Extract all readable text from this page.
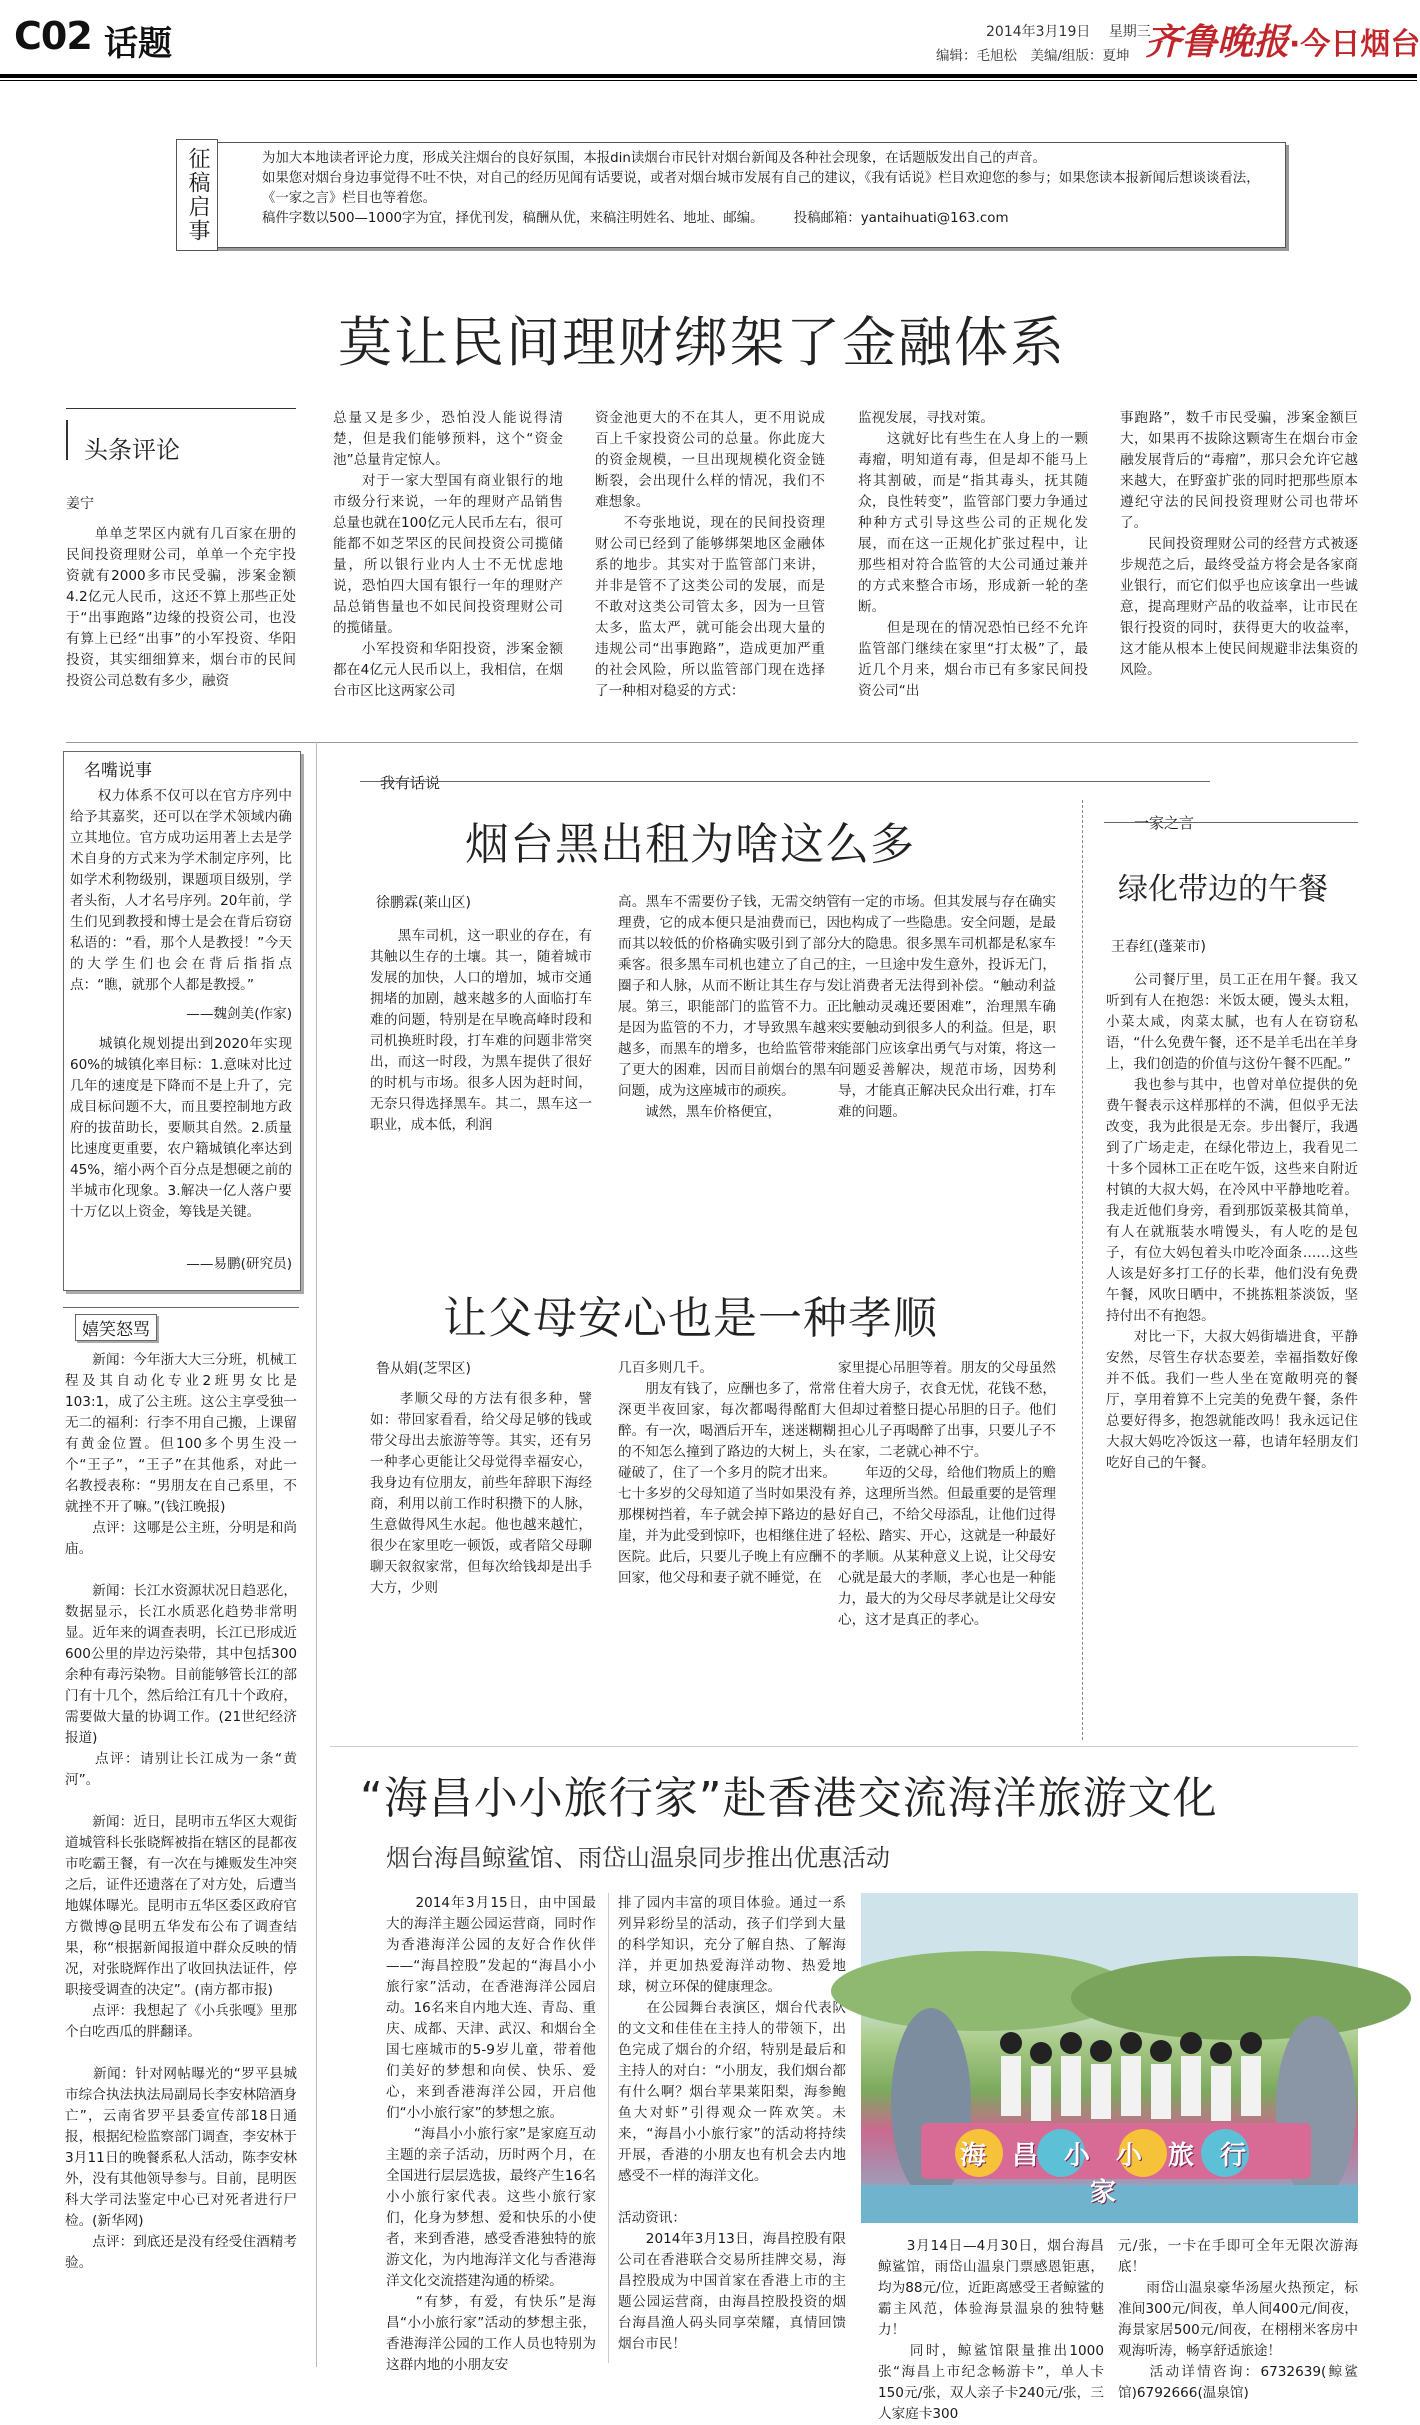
C02 话题	2014年3月19日 星期三
编辑：毛旭松　美编/组版：夏坤 齐鲁晚报·今日烟台
征稿启事	为加大本地读者评论力度，形成关注烟台的良好氛围，本报din读烟台市民针对烟台新闻及各种社会现象，在话题版发出自己的声音。
如果您对烟台身边事觉得不吐不快，对自己的经历见闻有话要说，或者对烟台城市发展有自己的建议，《我有话说》栏目欢迎您的参与；如果您读本报新闻后想谈谈看法，《一家之言》栏目也等着您。
稿件字数以500—1000字为宜，择优刊发，稿酬从优，来稿注明姓名、地址、邮编。 投稿邮箱：yantaihuati@163.com
莫让民间理财绑架了金融体系
头条评论
姜宁
　　单单芝罘区内就有几百家在册的民间投资理财公司，单单一个充宇投资就有2000多市民受骗，涉案金额4.2亿元人民币，这还不算上那些正处于“出事跑路”边缘的投资公司，也没有算上已经“出事”的小军投资、华阳投资，其实细细算来，烟台市的民间投资公司总数有多少，融资
总量又是多少，恐怕没人能说得清楚，但是我们能够预料，这个“资金池”总量肯定惊人。
　　对于一家大型国有商业银行的地市级分行来说，一年的理财产品销售总量也就在100亿元人民币左右，很可能都不如芝罘区的民间投资公司揽储量，所以银行业内人士不无忧虑地说，恐怕四大国有银行一年的理财产品总销售量也不如民间投资理财公司的揽储量。
　　小军投资和华阳投资，涉案金额都在4亿元人民币以上，我相信，在烟台市区比这两家公司
资金池更大的不在其人，更不用说成百上千家投资公司的总量。你此庞大的资金规模，一旦出现规模化资金链断裂，会出现什么样的情况，我们不难想象。
　　不夸张地说，现在的民间投资理财公司已经到了能够绑架地区金融体系的地步。其实对于监管部门来讲，并非是管不了这类公司的发展，而是不敢对这类公司管太多，因为一旦管太多，监太严，就可能会出现大量的违规公司“出事跑路”，造成更加严重的社会风险，所以监管部门现在选择了一种相对稳妥的方式：
监视发展，寻找对策。
　　这就好比有些生在人身上的一颗毒瘤，明知道有毒，但是却不能马上将其割破，而是“指其毒头，抚其随众，良性转变”，监管部门要力争通过种种方式引导这些公司的正规化发展，而在这一正规化扩张过程中，让那些相对符合监管的大公司通过兼并的方式来整合市场，形成新一轮的垄断。
　　但是现在的情况恐怕已经不允许监管部门继续在家里“打太极”了，最近几个月来，烟台市已有多家民间投资公司“出
事跑路”，数千市民受骗，涉案金额巨大，如果再不拔除这颗寄生在烟台市金融发展背后的“毒瘤”，那只会允许它越来越大，在野蛮扩张的同时把那些原本遵纪守法的民间投资理财公司也带坏了。
　　民间投资理财公司的经营方式被逐步规范之后，最终受益方将会是各家商业银行，而它们似乎也应该拿出一些诚意，提高理财产品的收益率，让市民在银行投资的同时，获得更大的收益率，这才能从根本上使民间规避非法集资的风险。
名嘴说事
　　权力体系不仅可以在官方序列中给予其嘉奖，还可以在学术领域内确立其地位。官方成功运用著上去是学术自身的方式来为学术制定序列，比如学术利物级别，课题项目级别，学者头衔，人才名号序列。20年前，学生们见到教授和博士是会在背后窃窃私语的：“看，那个人是教授！”今天的大学生们也会在背后指指点点：“瞧，就那个人都是教授。”
——魏剑美(作家)
　　城镇化规划提出到2020年实现60%的城镇化率目标：1.意味对比过几年的速度是下降而不是上升了，完成目标问题不大，而且要控制地方政府的拔苗助长，要顺其自然。2.质量比速度更重要，农户籍城镇化率达到45%，缩小两个百分点是想硬之前的半城市化现象。3.解决一亿人落户要十万亿以上资金，筹钱是关键。
——易鹏(研究员)
嬉笑怒骂
　　新闻：今年浙大大三分班，机械工程及其自动化专业2班男女比是103:1，成了公主班。这公主享受独一无二的福利：行李不用自己搬，上课留有黄金位置。但100多个男生没一个“王子”，“王子”在其他系，对此一名教授表称：“男朋友在自己系里，不就挫不开了嘛。”(钱江晚报)
　　点评：这哪是公主班，分明是和尚庙。

　　新闻：长江水资源状况日趋恶化，数据显示，长江水质恶化趋势非常明显。近年来的调查表明，长江已形成近600公里的岸边污染带，其中包括300余种有毒污染物。目前能够管长江的部门有十几个，然后给江有几十个政府，需要做大量的协调工作。(21世纪经济报道)
　　点评：请别让长江成为一条“黄河”。

　　新闻：近日，昆明市五华区大观街道城管科长张晓辉被指在辖区的昆都夜市吃霸王餐，有一次在与摊贩发生冲突之后，证件还遗落在了对方处，后遭当地媒体曝光。昆明市五华区委区政府官方微博@昆明五华发布公布了调查结果，称“根据新闻报道中群众反映的情况，对张晓辉作出了收回执法证件，停职接受调查的决定”。(南方都市报)
　　点评：我想起了《小兵张嘎》里那个白吃西瓜的胖翻译。

　　新闻：针对网帖曝光的“罗平县城市综合执法执法局副局长李安林陪酒身亡”，云南省罗平县委宣传部18日通报，根据纪检监察部门调查，李安林于3月11日的晚餐系私人活动，陈李安林外，没有其他领导参与。目前，昆明医科大学司法鉴定中心已对死者进行尸检。(新华网)
　　点评：到底还是没有经受住酒精考验。
我有话说
烟台黑出租为啥这么多
徐鹏霖(莱山区)
　　黑车司机，这一职业的存在，有其触以生存的土壤。其一，随着城市发展的加快，人口的增加，城市交通拥堵的加剧，越来越多的人面临打车难的问题，特别是在早晚高峰时段和司机换班时段，打车难的问题非常突出，而这一时段，为黑车提供了很好的时机与市场。很多人因为赶时间，无奈只得选择黑车。其二，黑车这一职业，成本低，利润
高。黑车不需要份子钱，无需交纳管理费，它的成本便只是油费而已，因而其以较低的价格确实吸引到了部分乘客。很多黑车司机也建立了自己的圈子和人脉，从而不断让其生存与发展。第三，职能部门的监管不力。正是因为监管的不力，才导致黑车越来越多，而黑车的增多，也给监管带来了更大的困难，因而目前烟台的黑车问题，成为这座城市的顽疾。
　　诚然，黑车价格便宜，
有一定的市场。但其发展与存在确实也构成了一些隐患。安全问题，是最大的隐患。很多黑车司机都是私家车主，一旦途中发生意外，投诉无门，让消费者无法得到补偿。“触动利益比触动灵魂还要困难”，治理黑车确实要触动到很多人的利益。但是，职能部门应该拿出勇气与对策，将这一问题妥善解决，规范市场，因势利导，才能真正解决民众出行难，打车难的问题。
让父母安心也是一种孝顺
鲁从娟(芝罘区)
　　孝顺父母的方法有很多种，譬如：带回家看看，给父母足够的钱或带父母出去旅游等等。其实，还有另一种孝心更能让父母觉得幸福安心，我身边有位朋友，前些年辞职下海经商，利用以前工作时积攒下的人脉，生意做得风生水起。他也越来越忙，很少在家里吃一顿饭，或者陪父母聊聊天叙叙家常，但每次给钱却是出手大方，少则
几百多则几千。
　　朋友有钱了，应酬也多了，常常深更半夜回家，每次都喝得酩酊大醉。有一次，喝酒后开车，迷迷糊糊的不知怎么撞到了路边的大树上，头碰破了，住了一个多月的院才出来。七十多岁的父母知道了当时如果没有那棵树挡着，车子就会掉下路边的悬崖，并为此受到惊吓，也相继住进了医院。此后，只要儿子晚上有应酬不回家，他父母和妻子就不睡觉，在
家里提心吊胆等着。朋友的父母虽然住着大房子，衣食无忧，花钱不愁，但却过着整日提心吊胆的日子。他们担心儿子再喝醉了出事，只要儿子不在家，二老就心神不宁。
　　年迈的父母，给他们物质上的赡养，这理所当然。但最重要的是管理好自己，不给父母添乱，让他们过得轻松、踏实、开心，这就是一种最好的孝顺。从某种意义上说，让父母安心就是最大的孝顺，孝心也是一种能力，最大的为父母尽孝就是让父母安心，这才是真正的孝心。
一家之言
绿化带边的午餐
王春红(蓬莱市)
　　公司餐厅里，员工正在用午餐。我又听到有人在抱怨：米饭太硬，馒头太粗，小菜太咸，肉菜太腻，也有人在窃窃私语，“什么免费午餐，还不是羊毛出在羊身上，我们创造的价值与这份午餐不匹配。”
　　我也参与其中，也曾对单位提供的免费午餐表示这样那样的不满，但似乎无法改变，我为此很是无奈。步出餐厅，我遇到了广场走走，在绿化带边上，我看见二十多个园林工正在吃午饭，这些来自附近村镇的大叔大妈，在冷风中平静地吃着。我走近他们身旁，看到那饭菜极其简单，有人在就瓶装水啃馒头，有人吃的是包子，有位大妈包着头巾吃冷面条……这些人该是好多打工仔的长辈，他们没有免费午餐，风吹日晒中，不挑拣粗茶淡饭，坚持付出不有抱怨。
　　对比一下，大叔大妈街墙进食，平静安然，尽管生存状态要差，幸福指数好像并不低。我们一些人坐在宽敞明亮的餐厅，享用着算不上完美的免费午餐，条件总要好得多，抱怨就能改吗！我永远记住大叔大妈吃冷饭这一幕，也请年轻朋友们吃好自己的午餐。
“海昌小小旅行家”赴香港交流海洋旅游文化
烟台海昌鲸鲨馆、雨岱山温泉同步推出优惠活动
　　2014年3月15日，由中国最大的海洋主题公园运营商，同时作为香港海洋公园的友好合作伙伴——“海昌控股”发起的“海昌小小旅行家”活动，在香港海洋公园启动。16名来自内地大连、青岛、重庆、成都、天津、武汉、和烟台全国七座城市的5-9岁儿童，带着他们美好的梦想和向侯、快乐、爱心，来到香港海洋公园，开启他们“小小旅行家”的梦想之旅。
　　“海昌小小旅行家”是家庭互动主题的亲子活动，历时两个月，在全国进行层层选拔，最终产生16名小小旅行家代表。这些小旅行家们，化身为梦想、爱和快乐的小使者，来到香港，感受香港独特的旅游文化，为内地海洋文化与香港海洋文化交流搭建沟通的桥梁。
　　“有梦，有爱，有快乐”是海昌“小小旅行家”活动的梦想主张，香港海洋公园的工作人员也特别为这群内地的小朋友安
排了园内丰富的项目体验。通过一系列异彩纷呈的活动，孩子们学到大量的科学知识，充分了解自热、了解海洋，并更加热爱海洋动物、热爱地球，树立环保的健康理念。
　　在公园舞台表演区，烟台代表队的文文和佳佳在主持人的带领下，出色完成了烟台的介绍，特别是最后和主持人的对白：“小朋友，我们烟台都有什么啊？烟台苹果莱阳梨，海参鲍鱼大对虾”引得观众一阵欢笑。未来，“海昌小小旅行家”的活动将持续开展，香港的小朋友也有机会去内地感受不一样的海洋文化。

活动资讯：
　　2014年3月13日，海昌控股有限公司在香港联合交易所挂牌交易，海昌控股成为中国首家在香港上市的主题公园运营商，由海昌控股投资的烟台海昌渔人码头同享荣耀，真情回馈烟台市民！
海昌小小旅行家
　　3月14日—4月30日，烟台海昌鲸鲨馆，雨岱山温泉门票感恩钜惠，均为88元/位，近距离感受王者鲸鲨的霸主风范，体验海景温泉的独特魅力！
　　同时，鲸鲨馆限量推出1000张“海昌上市纪念畅游卡”，单人卡150元/张，双人亲子卡240元/张，三人家庭卡300
元/张，一卡在手即可全年无限次游海底！
　　雨岱山温泉豪华汤屋火热预定，标准间300元/间夜，单人间400元/间夜，海景家居500元/间夜，在栩栩米客房中观海听涛，畅享舒适旅途！
　　活动详情咨询：6732639(鲸鲨馆)6792666(温泉馆)
